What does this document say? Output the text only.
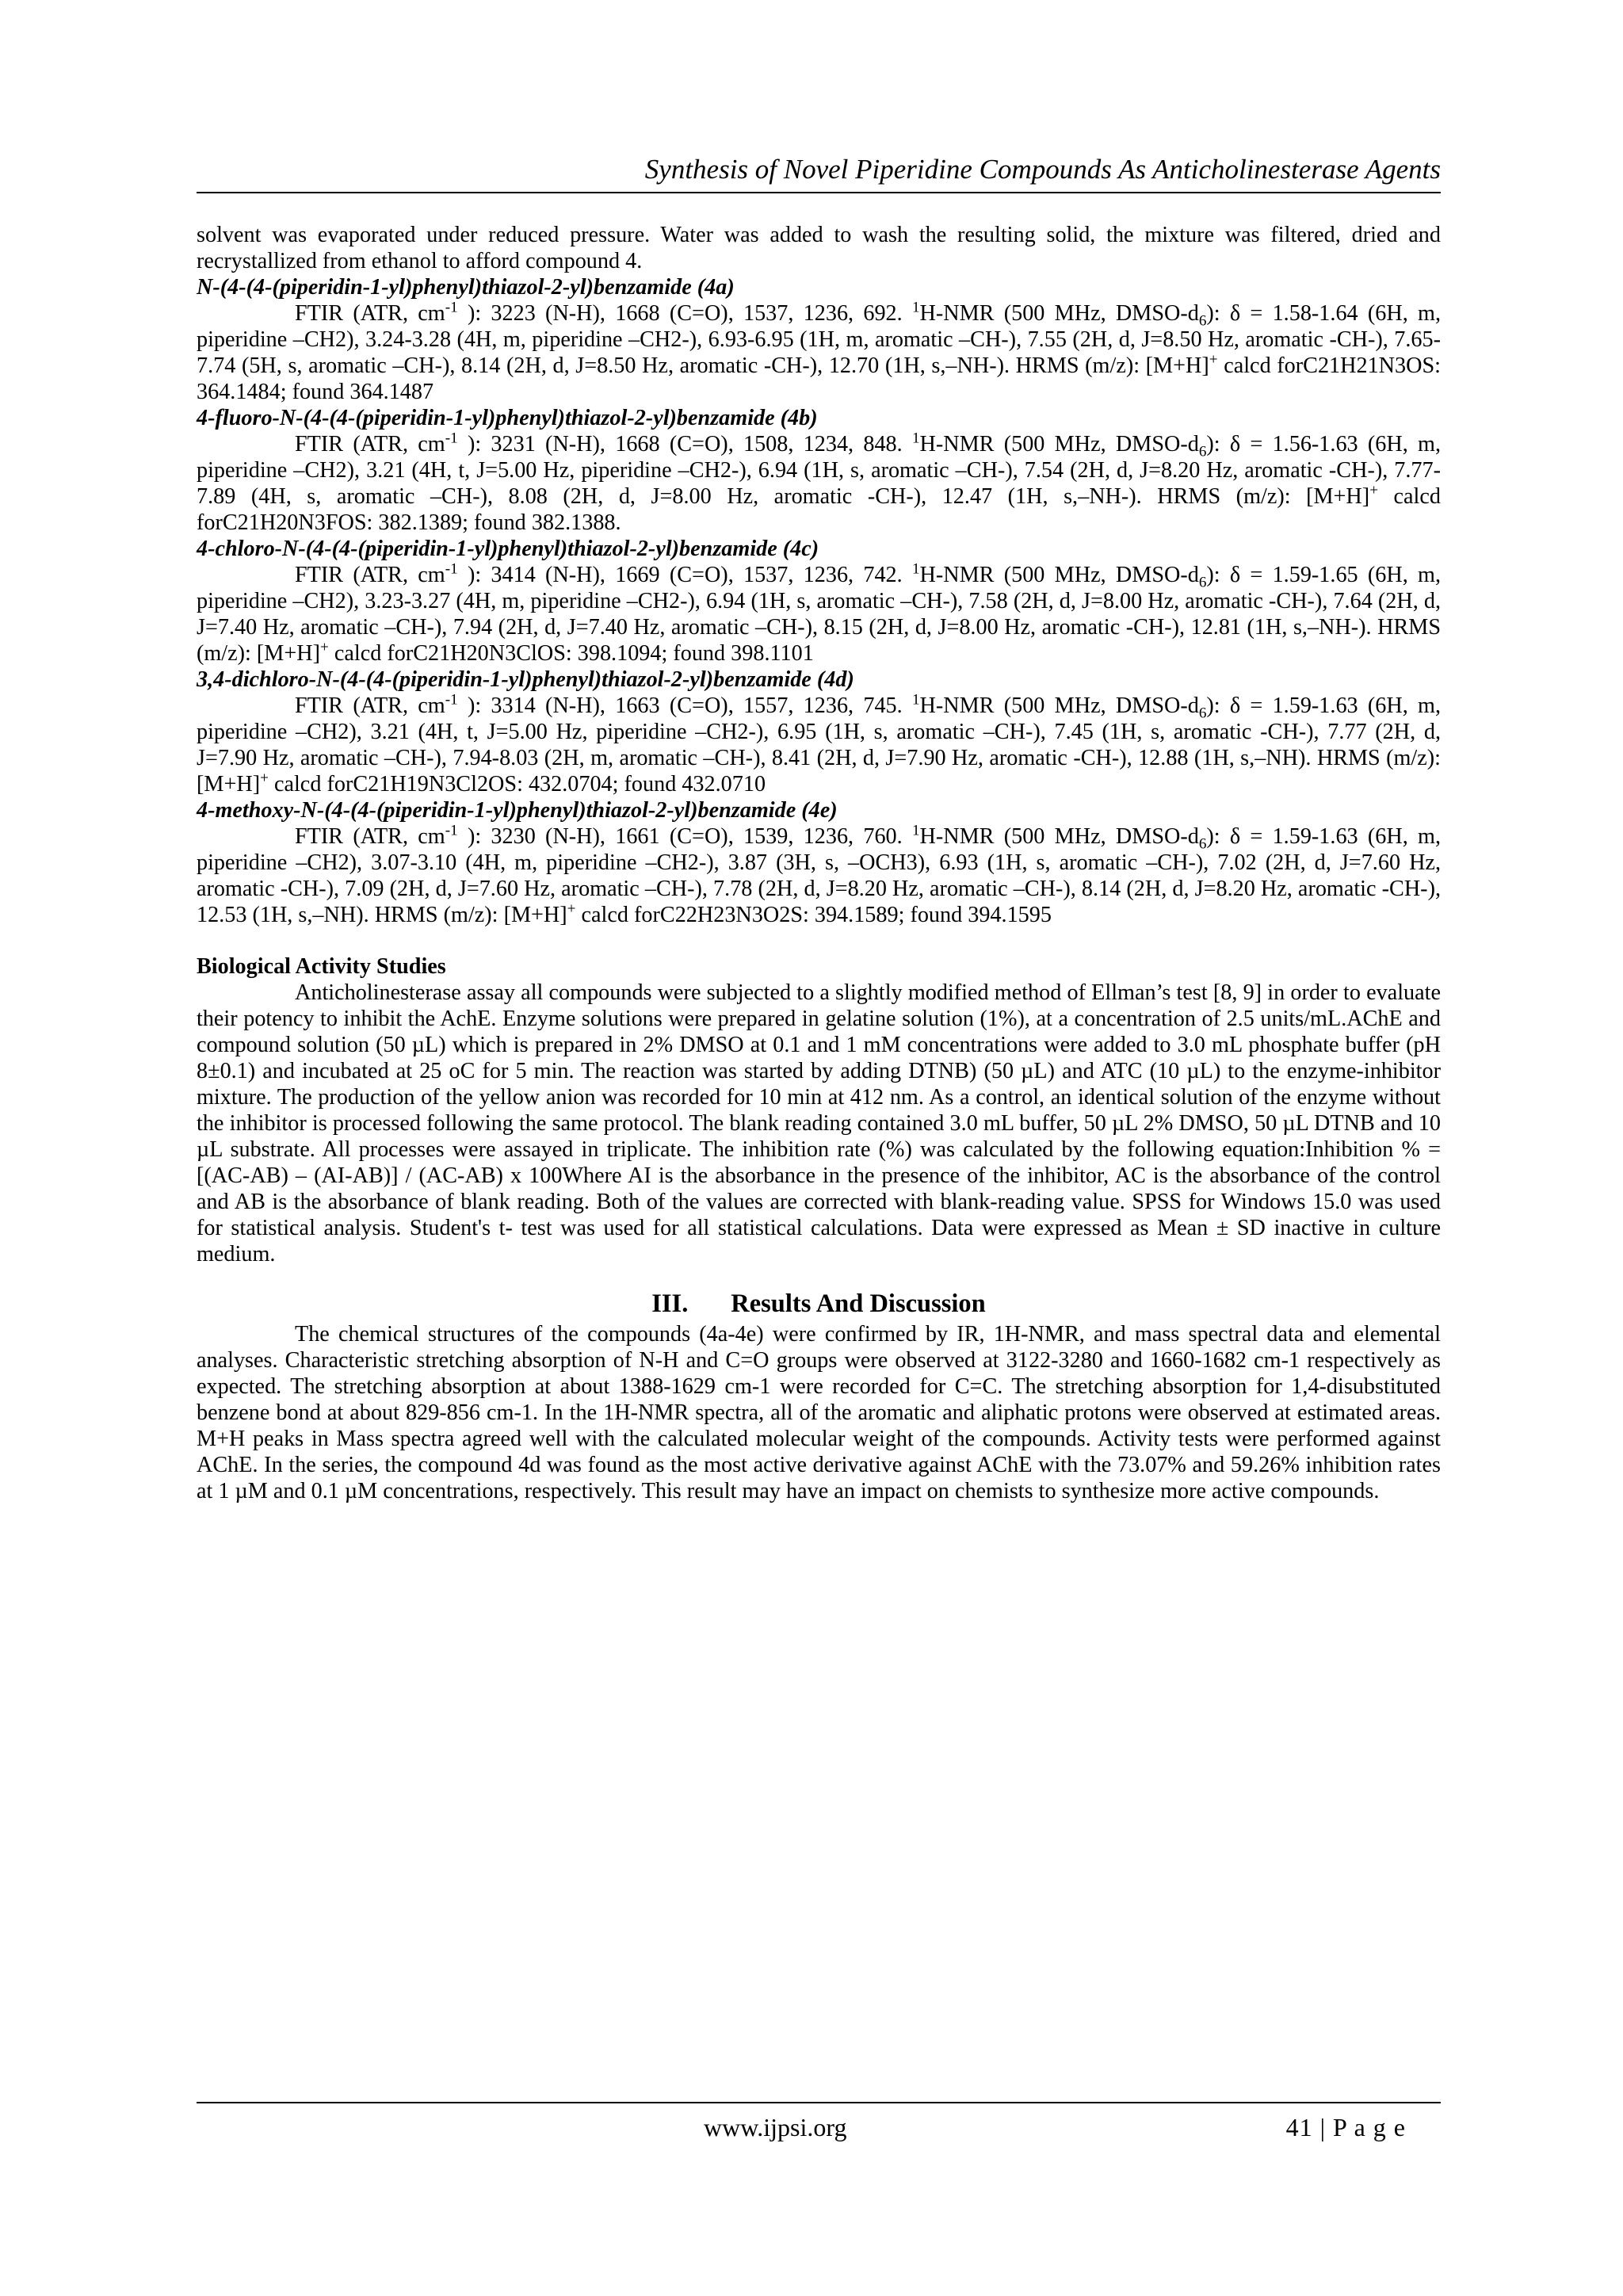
Synthesis of Novel Piperidine Compounds As Anticholinesterase Agents

solvent was evaporated under reduced pressure. Water was added to wash the resulting solid, the mixture was filtered, dried and recrystallized from ethanol to afford compound 4.

N-(4-(4-(piperidin-1-yl)phenyl)thiazol-2-yl)benzamide (4a)

FTIR (ATR, $cm^{-1}$ ): 3223 (N-H), 1668 (C=O), 1537, 1236, 692. $^1$H-NMR (500 MHz, DMSO-$d_6$): δ = 1.58-1.64 (6H, m, piperidine –CH2), 3.24-3.28 (4H, m, piperidine –CH2-), 6.93-6.95 (1H, m, aromatic –CH-), 7.55 (2H, d, J=8.50 Hz, aromatic -CH-), 7.65-7.74 (5H, s, aromatic –CH-), 8.14 (2H, d, J=8.50 Hz, aromatic -CH-), 12.70 (1H, s,–NH-). HRMS (m/z): [M+H]+ calcd forC21H21N3OS: 364.1484; found 364.1487

4-fluoro-N-(4-(4-(piperidin-1-yl)phenyl)thiazol-2-yl)benzamide (4b)

FTIR (ATR, $cm^{-1}$ ): 3231 (N-H), 1668 (C=O), 1508, 1234, 848. $^1$H-NMR (500 MHz, DMSO-$d_6$): δ = 1.56-1.63 (6H, m, piperidine –CH2), 3.21 (4H, t, J=5.00 Hz, piperidine –CH2-), 6.94 (1H, s, aromatic –CH-), 7.54 (2H, d, J=8.20 Hz, aromatic -CH-), 7.77-7.89 (4H, s, aromatic –CH-), 8.08 (2H, d, J=8.00 Hz, aromatic -CH-), 12.47 (1H, s,–NH-). HRMS (m/z): [M+H]+ calcd forC21H20N3FOS: 382.1389; found 382.1388.

4-chloro-N-(4-(4-(piperidin-1-yl)phenyl)thiazol-2-yl)benzamide (4c)

FTIR (ATR, $cm^{-1}$ ): 3414 (N-H), 1669 (C=O), 1537, 1236, 742. $^1$H-NMR (500 MHz, DMSO-$d_6$): δ = 1.59-1.65 (6H, m, piperidine –CH2), 3.23-3.27 (4H, m, piperidine –CH2-), 6.94 (1H, s, aromatic –CH-), 7.58 (2H, d, J=8.00 Hz, aromatic -CH-), 7.64 (2H, d, J=7.40 Hz, aromatic –CH-), 7.94 (2H, d, J=7.40 Hz, aromatic –CH-), 8.15 (2H, d, J=8.00 Hz, aromatic -CH-), 12.81 (1H, s,–NH-). HRMS (m/z): [M+H]+ calcd forC21H20N3ClOS: 398.1094; found 398.1101

3,4-dichloro-N-(4-(4-(piperidin-1-yl)phenyl)thiazol-2-yl)benzamide (4d)

FTIR (ATR, $cm^{-1}$ ): 3314 (N-H), 1663 (C=O), 1557, 1236, 745. $^1$H-NMR (500 MHz, DMSO-$d_6$): δ = 1.59-1.63 (6H, m, piperidine –CH2), 3.21 (4H, t, J=5.00 Hz, piperidine –CH2-), 6.95 (1H, s, aromatic –CH-), 7.45 (1H, s, aromatic -CH-), 7.77 (2H, d, J=7.90 Hz, aromatic –CH-), 7.94-8.03 (2H, m, aromatic –CH-), 8.41 (2H, d, J=7.90 Hz, aromatic -CH-), 12.88 (1H, s,–NH). HRMS (m/z): [M+H]+ calcd forC21H19N3Cl2OS: 432.0704; found 432.0710

4-methoxy-N-(4-(4-(piperidin-1-yl)phenyl)thiazol-2-yl)benzamide (4e)

FTIR (ATR, $cm^{-1}$ ): 3230 (N-H), 1661 (C=O), 1539, 1236, 760. $^1$H-NMR (500 MHz, DMSO-$d_6$): δ = 1.59-1.63 (6H, m, piperidine –CH2), 3.07-3.10 (4H, m, piperidine –CH2-), 3.87 (3H, s, –OCH3), 6.93 (1H, s, aromatic –CH-), 7.02 (2H, d, J=7.60 Hz, aromatic -CH-), 7.09 (2H, d, J=7.60 Hz, aromatic –CH-), 7.78 (2H, d, J=8.20 Hz, aromatic –CH-), 8.14 (2H, d, J=8.20 Hz, aromatic -CH-), 12.53 (1H, s,–NH). HRMS (m/z): [M+H]+ calcd forC22H23N3O2S: 394.1589; found 394.1595

Biological Activity Studies

Anticholinesterase assay all compounds were subjected to a slightly modified method of Ellman’s test [8, 9] in order to evaluate their potency to inhibit the AchE. Enzyme solutions were prepared in gelatine solution (1%), at a concentration of 2.5 units/mL.AChE and compound solution (50 µL) which is prepared in 2% DMSO at 0.1 and 1 mM concentrations were added to 3.0 mL phosphate buffer (pH 8±0.1) and incubated at 25 oC for 5 min. The reaction was started by adding DTNB) (50 µL) and ATC (10 µL) to the enzyme-inhibitor mixture. The production of the yellow anion was recorded for 10 min at 412 nm. As a control, an identical solution of the enzyme without the inhibitor is processed following the same protocol. The blank reading contained 3.0 mL buffer, 50 µL 2% DMSO, 50 µL DTNB and 10 µL substrate. All processes were assayed in triplicate. The inhibition rate (%) was calculated by the following equation:Inhibition % = [(AC-AB) – (AI-AB)] / (AC-AB) x 100Where AI is the absorbance in the presence of the inhibitor, AC is the absorbance of the control and AB is the absorbance of blank reading. Both of the values are corrected with blank-reading value. SPSS for Windows 15.0 was used for statistical analysis. Student's t- test was used for all statistical calculations. Data were expressed as Mean ± SD inactive in culture medium.

III. Results And Discussion

The chemical structures of the compounds (4a-4e) were confirmed by IR, 1H-NMR, and mass spectral data and elemental analyses. Characteristic stretching absorption of N-H and C=O groups were observed at 3122-3280 and 1660-1682 cm-1 respectively as expected. The stretching absorption at about 1388-1629 cm-1 were recorded for C=C. The stretching absorption for 1,4-disubstituted benzene bond at about 829-856 cm-1. In the 1H-NMR spectra, all of the aromatic and aliphatic protons were observed at estimated areas. M+H peaks in Mass spectra agreed well with the calculated molecular weight of the compounds. Activity tests were performed against AChE. In the series, the compound 4d was found as the most active derivative against AChE with the 73.07% and 59.26% inhibition rates at 1 µM and 0.1 µM concentrations, respectively. This result may have an impact on chemists to synthesize more active compounds.

www.ijpsi.org	41 | P a g e
